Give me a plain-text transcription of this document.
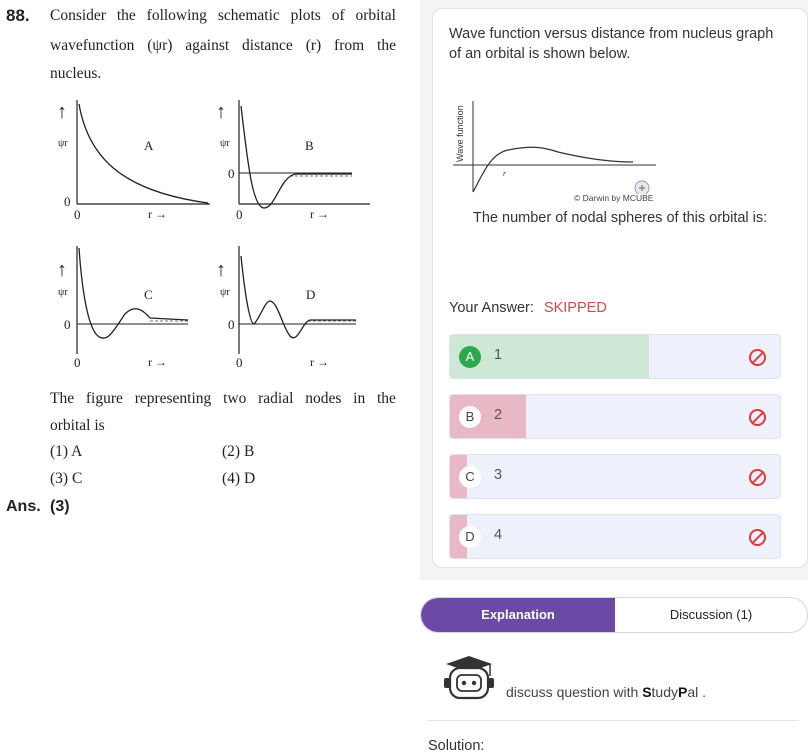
88. Consider the following schematic plots of orbital
wavefunction (ψr) against distance (r) from the
nucleus.
↑
ψr
0
0
A
r →
↑
ψr
0
0
B
r →
↑
ψr
0
0
C
r →
↑
ψr
0
0
D
r →
The figure representing two radial nodes in the
orbital is
(1) A	(2) B
(3) C	(4) D
Ans. (3)
Wave function versus distance from nucleus graph of an orbital is shown below.
Wave function
r
© Darwin by MCUBE
The number of nodal spheres of this orbital is:
Your Answer: SKIPPED
A	1
B	2
C	3
D	4
Explanation	Discussion (1)
discuss question with StudyPal .
Solution:
